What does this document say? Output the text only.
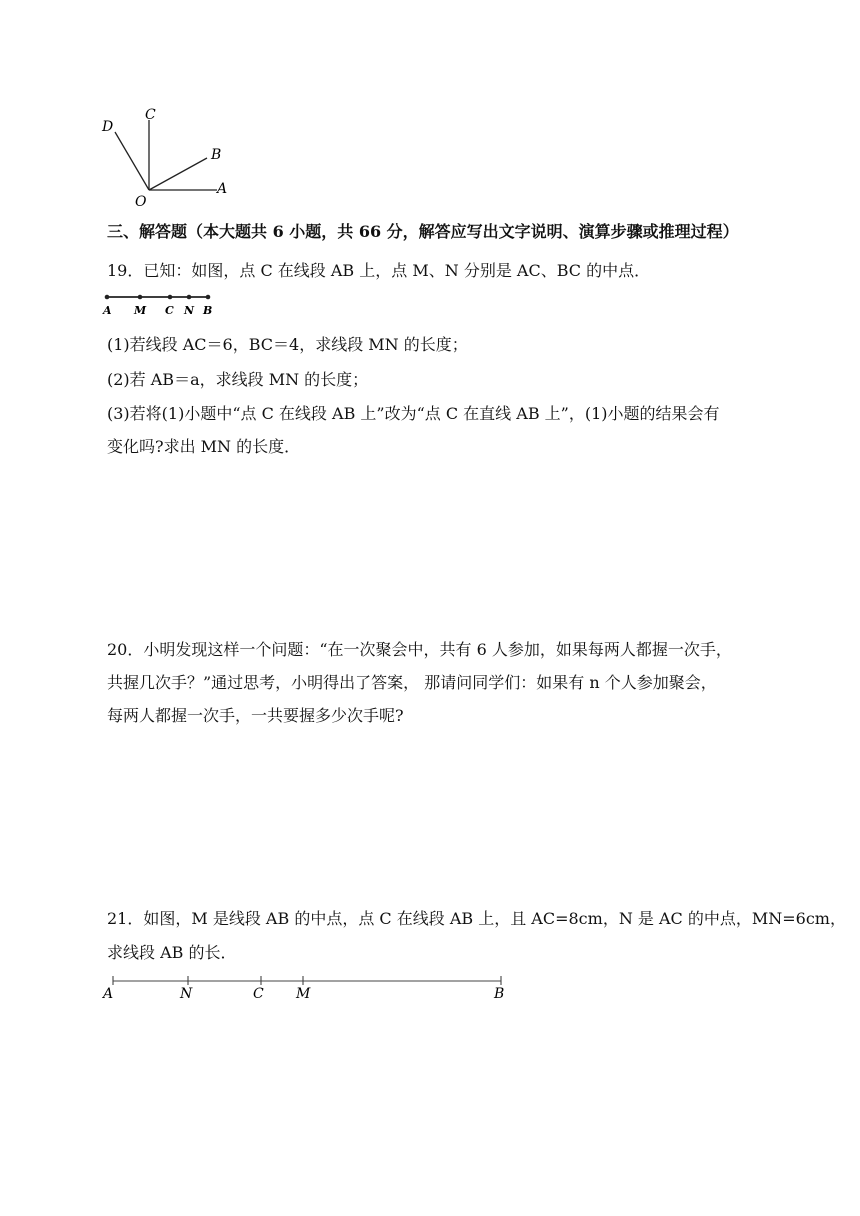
D
C
B
A
O
三、解答题（本大题共 6 小题，共 66 分，解答应写出文字说明、演算步骤或推理过程）
19．已知：如图，点 C 在线段 AB 上，点 M、N 分别是 AC、BC 的中点．
A M C N B
(1)若线段 AC＝6，BC＝4，求线段 MN 的长度；
(2)若 AB＝a，求线段 MN 的长度；
(3)若将(1)小题中“点 C 在线段 AB 上”改为“点 C 在直线 AB 上”，(1)小题的结果会有
变化吗?求出 MN 的长度．
20．小明发现这样一个问题：“在一次聚会中，共有 6 人参加，如果每两人都握一次手，
共握几次手？”通过思考，小明得出了答案， 那请问同学们：如果有 n 个人参加聚会，
每两人都握一次手，一共要握多少次手呢?
21．如图，M 是线段 AB 的中点，点 C 在线段 AB 上，且 AC=8cm，N 是 AC 的中点，MN=6cm，
求线段 AB 的长．
A	N	C M	B
